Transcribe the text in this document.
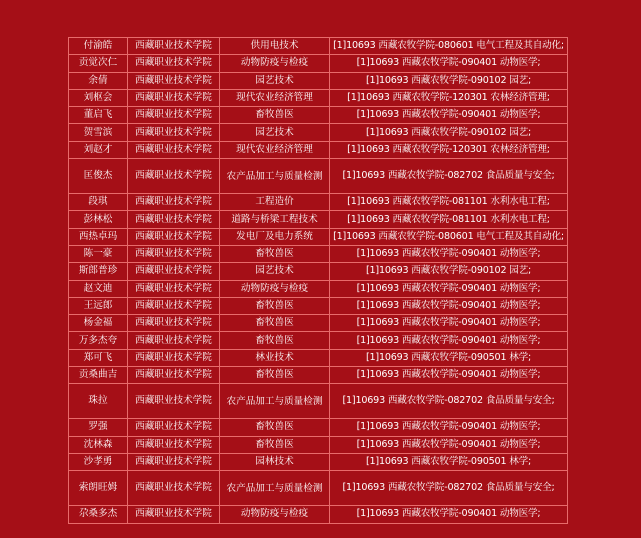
付渝皓	西藏职业技术学院	供用电技术	[1]10693 西藏农牧学院-080601 电气工程及其自动化;
贡觉次仁	西藏职业技术学院	动物防疫与检疫	[1]10693 西藏农牧学院-090401 动物医学;
余倩	西藏职业技术学院	园艺技术	[1]10693 西藏农牧学院-090102 园艺;
刘枢会	西藏职业技术学院	现代农业经济管理	[1]10693 西藏农牧学院-120301 农林经济管理;
董启飞	西藏职业技术学院	畜牧兽医	[1]10693 西藏农牧学院-090401 动物医学;
贺雪滨	西藏职业技术学院	园艺技术	[1]10693 西藏农牧学院-090102 园艺;
刘赵才	西藏职业技术学院	现代农业经济管理	[1]10693 西藏农牧学院-120301 农林经济管理;
匡俊杰	西藏职业技术学院	农产品加工与质量检测	[1]10693 西藏农牧学院-082702 食品质量与安全;
段琪	西藏职业技术学院	工程造价	[1]10693 西藏农牧学院-081101 水利水电工程;
彭林松	西藏职业技术学院	道路与桥梁工程技术	[1]10693 西藏农牧学院-081101 水利水电工程;
西热卓玛	西藏职业技术学院	发电厂及电力系统	[1]10693 西藏农牧学院-080601 电气工程及其自动化;
陈一豪	西藏职业技术学院	畜牧兽医	[1]10693 西藏农牧学院-090401 动物医学;
斯郎普珍	西藏职业技术学院	园艺技术	[1]10693 西藏农牧学院-090102 园艺;
赵文迪	西藏职业技术学院	动物防疫与检疫	[1]10693 西藏农牧学院-090401 动物医学;
王远郎	西藏职业技术学院	畜牧兽医	[1]10693 西藏农牧学院-090401 动物医学;
杨金福	西藏职业技术学院	畜牧兽医	[1]10693 西藏农牧学院-090401 动物医学;
万多杰夸	西藏职业技术学院	畜牧兽医	[1]10693 西藏农牧学院-090401 动物医学;
郑可飞	西藏职业技术学院	林业技术	[1]10693 西藏农牧学院-090501 林学;
贡桑曲吉	西藏职业技术学院	畜牧兽医	[1]10693 西藏农牧学院-090401 动物医学;
珠拉	西藏职业技术学院	农产品加工与质量检测	[1]10693 西藏农牧学院-082702 食品质量与安全;
罗强	西藏职业技术学院	畜牧兽医	[1]10693 西藏农牧学院-090401 动物医学;
沈林森	西藏职业技术学院	畜牧兽医	[1]10693 西藏农牧学院-090401 动物医学;
沙孝勇	西藏职业技术学院	园林技术	[1]10693 西藏农牧学院-090501 林学;
索朗旺姆	西藏职业技术学院	农产品加工与质量检测	[1]10693 西藏农牧学院-082702 食品质量与安全;
尕桑多杰	西藏职业技术学院	动物防疫与检疫	[1]10693 西藏农牧学院-090401 动物医学;
